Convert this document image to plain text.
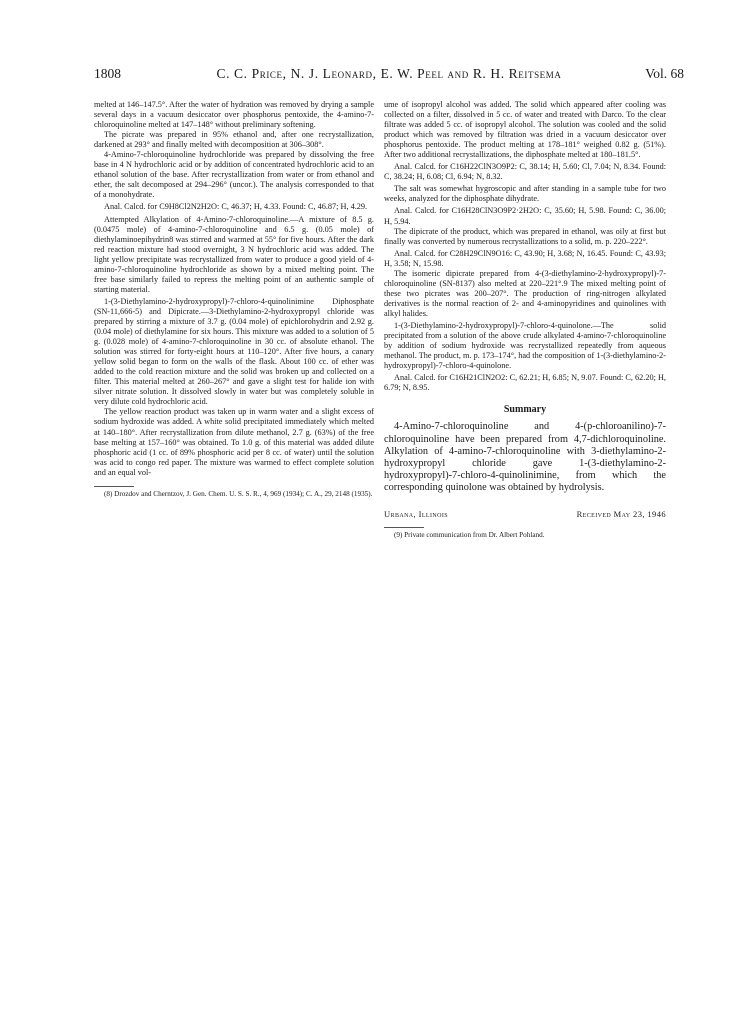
1808	C. C. Price, N. J. Leonard, E. W. Peel and R. H. Reitsema	Vol. 68

melted at 146–147.5°. After the water of hydration was removed by drying a sample several days in a vacuum desiccator over phosphorus pentoxide, the 4-amino-7-chloroquinoline melted at 147–148° without preliminary softening.

The picrate was prepared in 95% ethanol and, after one recrystallization, darkened at 293° and finally melted with decomposition at 306–308°.

4-Amino-7-chloroquinoline hydrochloride was prepared by dissolving the free base in 4 N hydrochloric acid or by addition of concentrated hydrochloric acid to an ethanol solution of the base. After recrystallization from water or from ethanol and ether, the salt decomposed at 294–296° (uncor.). The analysis corresponded to that of a monohydrate.

Anal. Calcd. for C9H8Cl2N2H2O: C, 46.37; H, 4.33. Found: C, 46.87; H, 4.29.

Attempted Alkylation of 4-Amino-7-chloroquinoline.—A mixture of 8.5 g. (0.0475 mole) of 4-amino-7-chloroquinoline and 6.5 g. (0.05 mole) of diethylaminoepihydrin8 was stirred and warmed at 55° for five hours. After the dark red reaction mixture had stood overnight, 3 N hydrochloric acid was added. The light yellow precipitate was recrystallized from water to produce a good yield of 4-amino-7-chloroquinoline hydrochloride as shown by a mixed melting point. The free base similarly failed to repress the melting point of an authentic sample of starting material.

1-(3-Diethylamino-2-hydroxypropyl)-7-chloro-4-quinolinimine Diphosphate (SN-11,666-5) and Dipicrate.—3-Diethylamino-2-hydroxypropyl chloride was prepared by stirring a mixture of 3.7 g. (0.04 mole) of epichlorohydrin and 2.92 g. (0.04 mole) of diethylamine for six hours. This mixture was added to a solution of 5 g. (0.028 mole) of 4-amino-7-chloroquinoline in 30 cc. of absolute ethanol. The solution was stirred for forty-eight hours at 110–120°. After five hours, a canary yellow solid began to form on the walls of the flask. About 100 cc. of ether was added to the cold reaction mixture and the solid was broken up and collected on a filter. This material melted at 260–267° and gave a slight test for halide ion with silver nitrate solution. It dissolved slowly in water but was completely soluble in very dilute cold hydrochloric acid.

The yellow reaction product was taken up in warm water and a slight excess of sodium hydroxide was added. A white solid precipitated immediately which melted at 140–180°. After recrystallization from dilute methanol, 2.7 g. (63%) of the free base melting at 157–160° was obtained. To 1.0 g. of this material was added dilute phosphoric acid (1 cc. of 89% phosphoric acid per 8 cc. of water) until the solution was acid to congo red paper. The mixture was warmed to effect complete solution and an equal vol-

(8) Drozdov and Cherntzov, J. Gen. Chem. U. S. S. R., 4, 969 (1934); C. A., 29, 2148 (1935).

ume of isopropyl alcohol was added. The solid which appeared after cooling was collected on a filter, dissolved in 5 cc. of water and treated with Darco. To the clear filtrate was added 5 cc. of isopropyl alcohol. The solution was cooled and the solid product which was removed by filtration was dried in a vacuum desiccator over phosphorus pentoxide. The product melting at 178–181° weighed 0.82 g. (51%). After two additional recrystallizations, the diphosphate melted at 180–181.5°.

Anal. Calcd. for C16H22ClN3O9P2: C, 38.14; H, 5.60; Cl, 7.04; N, 8.34. Found: C, 38.24; H, 6.08; Cl, 6.94; N, 8.32.

The salt was somewhat hygroscopic and after standing in a sample tube for two weeks, analyzed for the diphosphate dihydrate.

Anal. Calcd. for C16H28ClN3O9P2·2H2O: C, 35.60; H, 5.98. Found: C, 36.00; H, 5.94.

The dipicrate of the product, which was prepared in ethanol, was oily at first but finally was converted by numerous recrystallizations to a solid, m. p. 220–222°.

Anal. Calcd. for C28H29ClN9O16: C, 43.90; H, 3.68; N, 16.45. Found: C, 43.93; H, 3.58; N, 15.98.

The isomeric dipicrate prepared from 4-(3-diethylamino-2-hydroxypropyl)-7-chloroquinoline (SN-8137) also melted at 220–221°.9 The mixed melting point of these two picrates was 200–207°. The production of ring-nitrogen alkylated derivatives is the normal reaction of 2- and 4-aminopyridines and quinolines with alkyl halides.

1-(3-Diethylamino-2-hydroxypropyl)-7-chloro-4-quinolone.—The solid precipitated from a solution of the above crude alkylated 4-amino-7-chloroquinoline by addition of sodium hydroxide was recrystallized repeatedly from aqueous methanol. The product, m. p. 173–174°, had the composition of 1-(3-diethylamino-2-hydroxypropyl)-7-chloro-4-quinolone.

Anal. Calcd. for C16H21ClN2O2: C, 62.21; H, 6.85; N, 9.07. Found: C, 62.20; H, 6.79; N, 8.95.

Summary

4-Amino-7-chloroquinoline and 4-(p-chloroanilino)-7-chloroquinoline have been prepared from 4,7-dichloroquinoline. Alkylation of 4-amino-7-chloroquinoline with 3-diethylamino-2-hydroxypropyl chloride gave 1-(3-diethylamino-2-hydroxypropyl)-7-chloro-4-quinolinimine, from which the corresponding quinolone was obtained by hydrolysis.

Urbana, Illinois	Received May 23, 1946

(9) Private communication from Dr. Albert Pohland.
